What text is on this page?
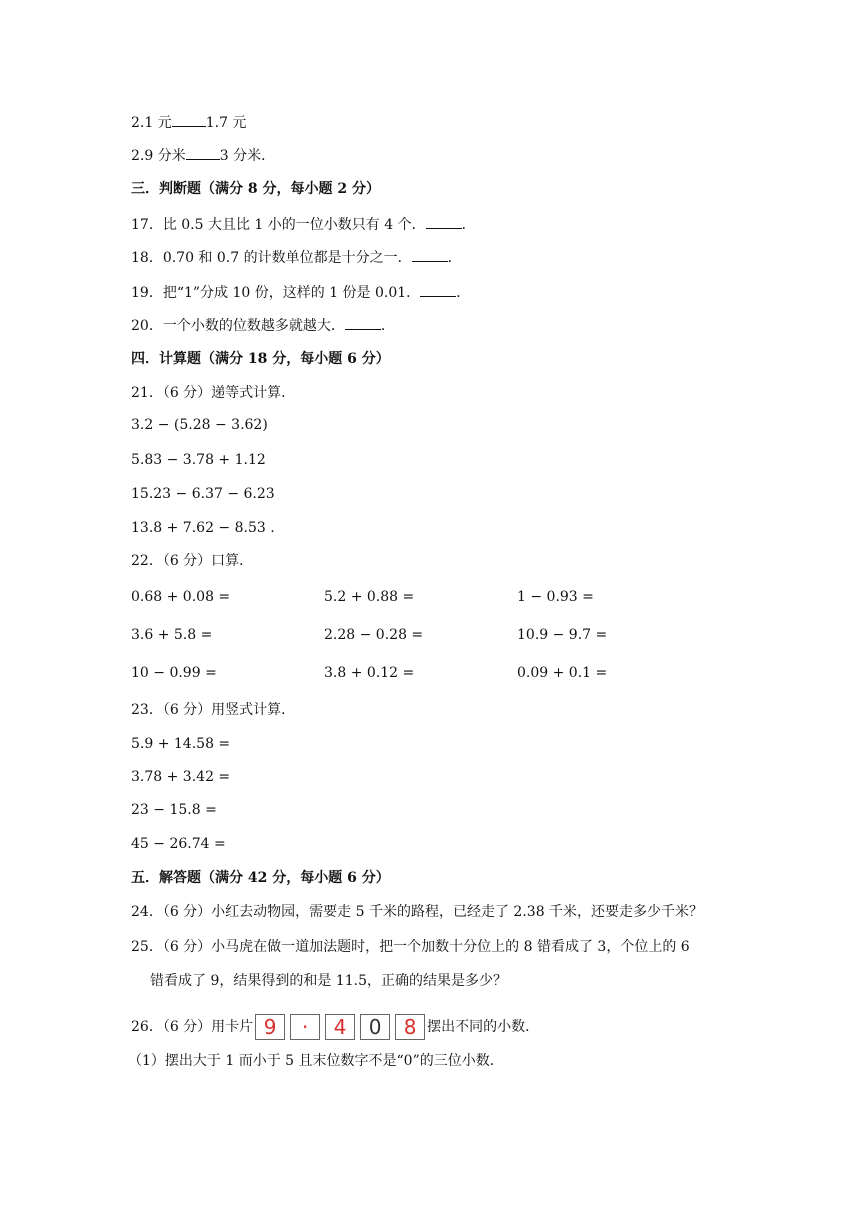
2.1 元 1.7 元
2.9 分米 3 分米．
三．判断题（满分 8 分，每小题 2 分）
17．比 0.5 大且比 1 小的一位小数只有 4 个．	．
18．0.70 和 0.7 的计数单位都是十分之一．	．
19．把“1”分成 10 份，这样的 1 份是 0.01．	．
20．一个小数的位数越多就越大．	．
四．计算题（满分 18 分，每小题 6 分）
21．（6 分）递等式计算．
3.2 − (5.28 − 3.62)
5.83 − 3.78 + 1.12
15.23 − 6.37 − 6.23
13.8 + 7.62 − 8.53 .
22．（6 分）口算．
0.68 + 0.08 =	5.2 + 0.88 =	1 − 0.93 =
3.6 + 5.8 =	2.28 − 0.28 =	10.9 − 9.7 =
10 − 0.99 =	3.8 + 0.12 =	0.09 + 0.1 =
23．（6 分）用竖式计算．
5.9 + 14.58 =
3.78 + 3.42 =
23 − 15.8 =
45 − 26.74 =
五．解答题（满分 42 分，每小题 6 分）
24．（6 分）小红去动物园，需要走 5 千米的路程，已经走了 2.38 千米，还要走多少千米？
25．（6 分）小马虎在做一道加法题时，把一个加数十分位上的 8 错看成了 3，个位上的 6
错看成了 9，结果得到的和是 11.5，正确的结果是多少？
26．（6 分）用卡片 9	·	4	0	8 摆出不同的小数．
（1）摆出大于 1 而小于 5 且末位数字不是“0”的三位小数．
